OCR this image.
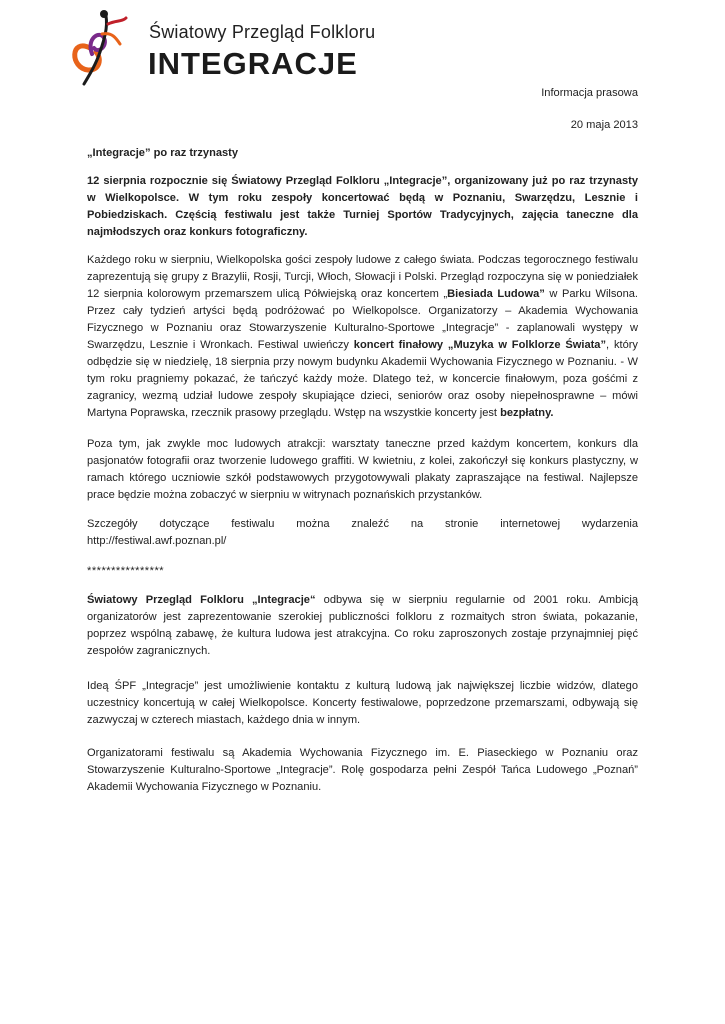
Światowy Przegląd Folkloru
INTEGRACJE
Informacja prasowa
20 maja 2013
„Integracje” po raz trzynasty

12 sierpnia rozpocznie się Światowy Przegląd Folkloru „Integracje”, organizowany już po raz trzynasty w Wielkopolsce. W tym roku zespoły koncertować będą w Poznaniu, Swarzędzu, Lesznie i Pobiedziskach. Częścią festiwalu jest także Turniej Sportów Tradycyjnych, zajęcia taneczne dla najmłodszych oraz konkurs fotograficzny.

Każdego roku w sierpniu, Wielkopolska gości zespoły ludowe z całego świata. Podczas tegorocznego festiwalu zaprezentują się grupy z Brazylii, Rosji, Turcji, Włoch, Słowacji i Polski. Przegląd rozpoczyna się w poniedziałek 12 sierpnia kolorowym przemarszem ulicą Półwiejską oraz koncertem „Biesiada Ludowa” w Parku Wilsona. Przez cały tydzień artyści będą podróżować po Wielkopolsce. Organizatorzy – Akademia Wychowania Fizycznego w Poznaniu oraz Stowarzyszenie Kulturalno-Sportowe „Integracje” - zaplanowali występy w Swarzędzu, Lesznie i Wronkach. Festiwal uwieńczy koncert finałowy „Muzyka w Folklorze Świata”, który odbędzie się w niedzielę, 18 sierpnia przy nowym budynku Akademii Wychowania Fizycznego w Poznaniu. - W tym roku pragniemy pokazać, że tańczyć każdy może. Dlatego też, w koncercie finałowym, poza gośćmi z zagranicy, wezmą udział ludowe zespoły skupiające dzieci, seniorów oraz osoby niepełnosprawne – mówi Martyna Poprawska, rzecznik prasowy przeglądu. Wstęp na wszystkie koncerty jest bezpłatny.

Poza tym, jak zwykle moc ludowych atrakcji: warsztaty taneczne przed każdym koncertem, konkurs dla pasjonatów fotografii oraz tworzenie ludowego graffiti. W kwietniu, z kolei, zakończył się konkurs plastyczny, w ramach którego uczniowie szkół podstawowych przygotowywali plakaty zapraszające na festiwal. Najlepsze prace będzie można zobaczyć w sierpniu w witrynach poznańskich przystanków.

Szczegóły dotyczące festiwalu można znaleźć na stronie internetowej wydarzenia

http://festiwal.awf.poznan.pl/
****************

Światowy Przegląd Folkloru „Integracje“ odbywa się w sierpniu regularnie od 2001 roku. Ambicją organizatorów jest zaprezentowanie szerokiej publiczności folkloru z rozmaitych stron świata, pokazanie, poprzez wspólną zabawę, że kultura ludowa jest atrakcyjna. Co roku zaproszonych zostaje przynajmniej pięć zespołów zagranicznych.

Ideą ŚPF „Integracje” jest umożliwienie kontaktu z kulturą ludową jak największej liczbie widzów, dlatego uczestnicy koncertują w całej Wielkopolsce. Koncerty festiwalowe, poprzedzone przemarszami, odbywają się zazwyczaj w czterech miastach, każdego dnia w innym.

Organizatorami festiwalu są Akademia Wychowania Fizycznego im. E. Piaseckiego w Poznaniu oraz Stowarzyszenie Kulturalno-Sportowe „Integracje”. Rolę gospodarza pełni Zespół Tańca Ludowego „Poznań” Akademii Wychowania Fizycznego w Poznaniu.
